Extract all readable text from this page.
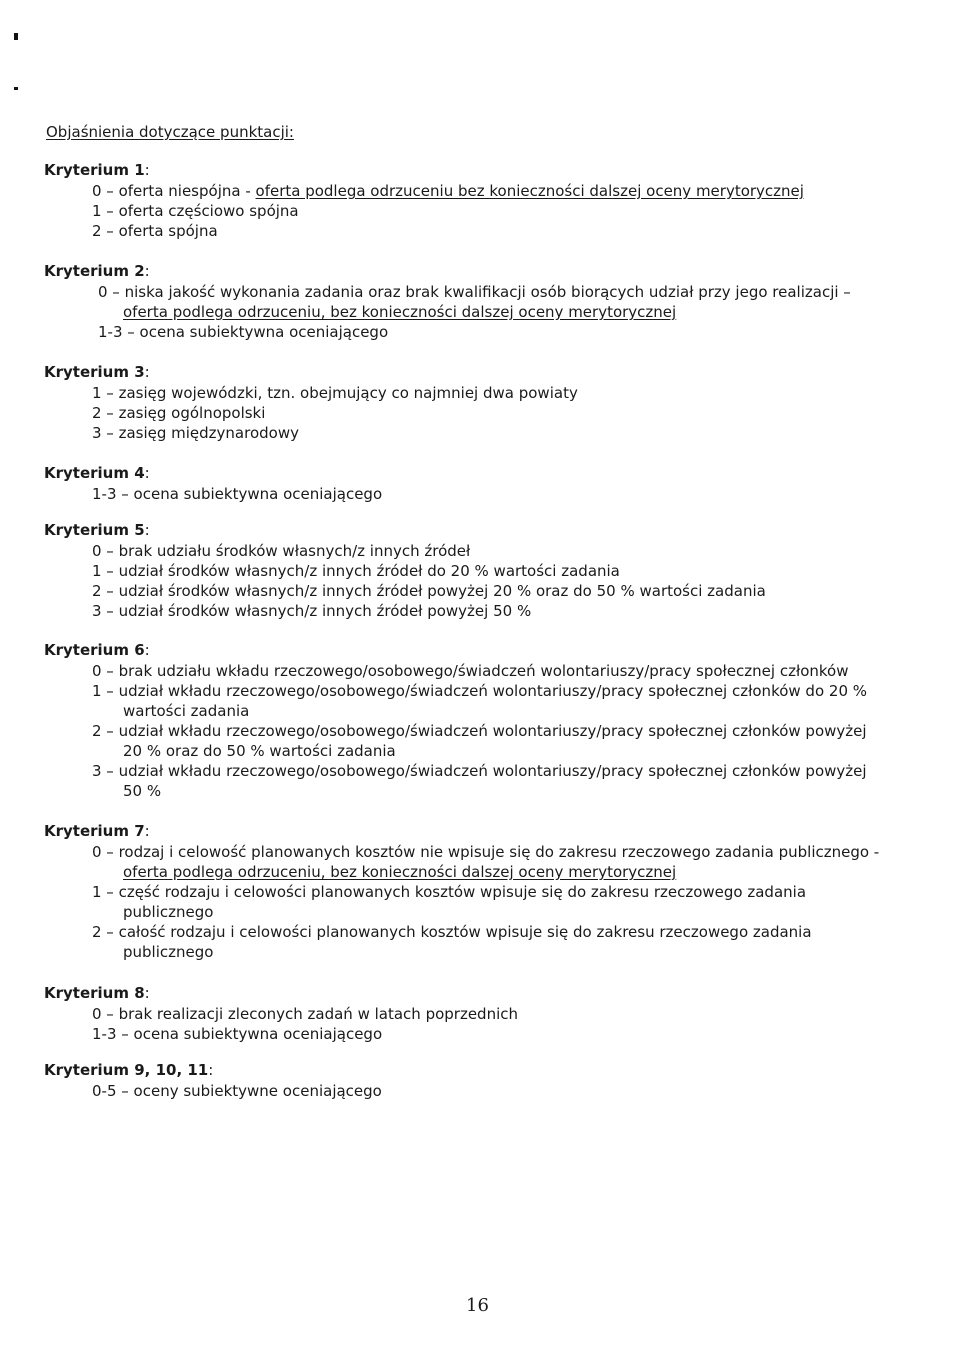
Objaśnienia dotyczące punktacji:
Kryterium 1:
0 – oferta niespójna - oferta podlega odrzuceniu bez konieczności dalszej oceny merytorycznej
1 – oferta częściowo spójna
2 – oferta spójna
Kryterium 2:
0 – niska jakość wykonania zadania oraz brak kwalifikacji osób biorących udział przy jego realizacji –
oferta podlega odrzuceniu, bez konieczności dalszej oceny merytorycznej
1-3 – ocena subiektywna oceniającego
Kryterium 3:
1 – zasięg wojewódzki, tzn. obejmujący co najmniej dwa powiaty
2 – zasięg ogólnopolski
3 – zasięg międzynarodowy
Kryterium 4:
1-3 – ocena subiektywna oceniającego
Kryterium 5:
0 – brak udziału środków własnych/z innych źródeł
1 – udział środków własnych/z innych źródeł do 20 % wartości zadania
2 – udział środków własnych/z innych źródeł powyżej 20 % oraz do 50 % wartości zadania
3 – udział środków własnych/z innych źródeł powyżej 50 %
Kryterium 6:
0 – brak udziału wkładu rzeczowego/osobowego/świadczeń wolontariuszy/pracy społecznej członków
1 – udział wkładu rzeczowego/osobowego/świadczeń wolontariuszy/pracy społecznej członków do 20 %
wartości zadania
2 – udział wkładu rzeczowego/osobowego/świadczeń wolontariuszy/pracy społecznej członków powyżej
20 % oraz do 50 % wartości zadania
3 – udział wkładu rzeczowego/osobowego/świadczeń wolontariuszy/pracy społecznej członków powyżej
50 %
Kryterium 7:
0 – rodzaj i celowość planowanych kosztów nie wpisuje się do zakresu rzeczowego zadania publicznego -
oferta podlega odrzuceniu, bez konieczności dalszej oceny merytorycznej
1 – część rodzaju i celowości planowanych kosztów wpisuje się do zakresu rzeczowego zadania
publicznego
2 – całość rodzaju i celowości planowanych kosztów wpisuje się do zakresu rzeczowego zadania
publicznego
Kryterium 8:
0 – brak realizacji zleconych zadań w latach poprzednich
1-3 – ocena subiektywna oceniającego
Kryterium 9, 10, 11:
0-5 – oceny subiektywne oceniającego
16
